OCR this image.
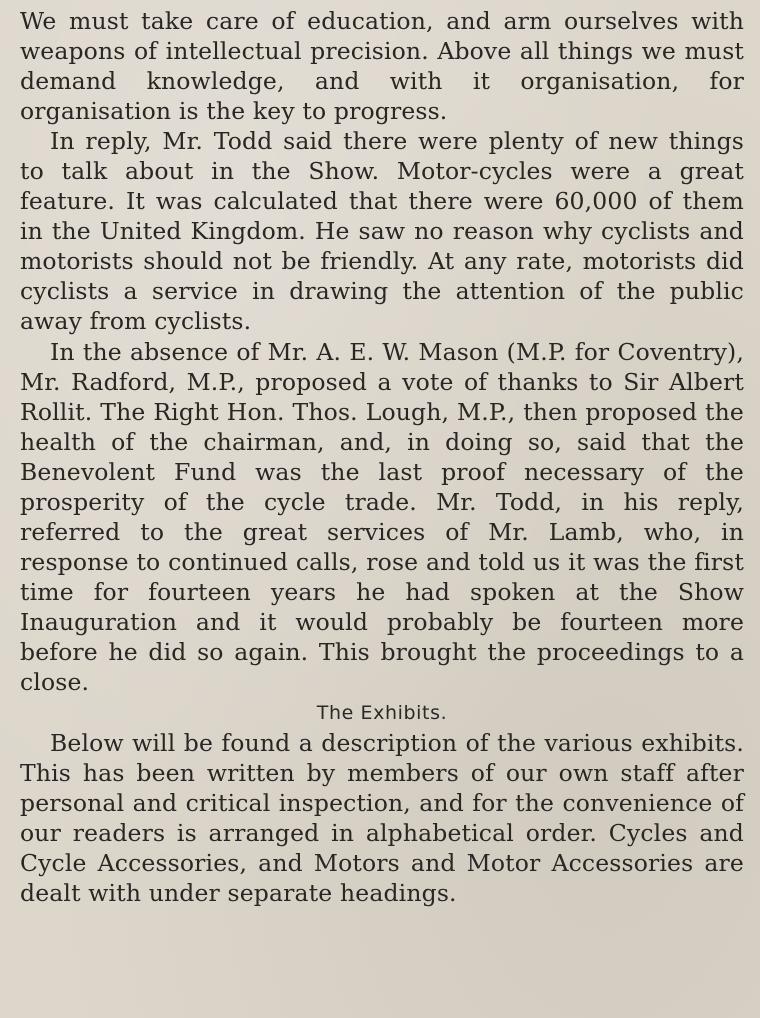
We must take care of education, and arm ourselves with weapons of intellectual precision. Above all things we must demand knowledge, and with it organisation, for organisation is the key to progress.

In reply, Mr. Todd said there were plenty of new things to talk about in the Show. Motor-cycles were a great feature. It was calculated that there were 60,000 of them in the United Kingdom. He saw no reason why cyclists and motorists should not be friendly. At any rate, motorists did cyclists a service in drawing the attention of the public away from cyclists.

In the absence of Mr. A. E. W. Mason (M.P. for Coventry), Mr. Radford, M.P., proposed a vote of thanks to Sir Albert Rollit. The Right Hon. Thos. Lough, M.P., then proposed the health of the chairman, and, in doing so, said that the Benevolent Fund was the last proof necessary of the prosperity of the cycle trade. Mr. Todd, in his reply, referred to the great services of Mr. Lamb, who, in response to continued calls, rose and told us it was the first time for fourteen years he had spoken at the Show Inauguration and it would probably be fourteen more before he did so again. This brought the proceedings to a close.

The Exhibits.

Below will be found a description of the various exhibits. This has been written by members of our own staff after personal and critical inspection, and for the convenience of our readers is arranged in alphabetical order. Cycles and Cycle Accessories, and Motors and Motor Accessories are dealt with under separate headings.
